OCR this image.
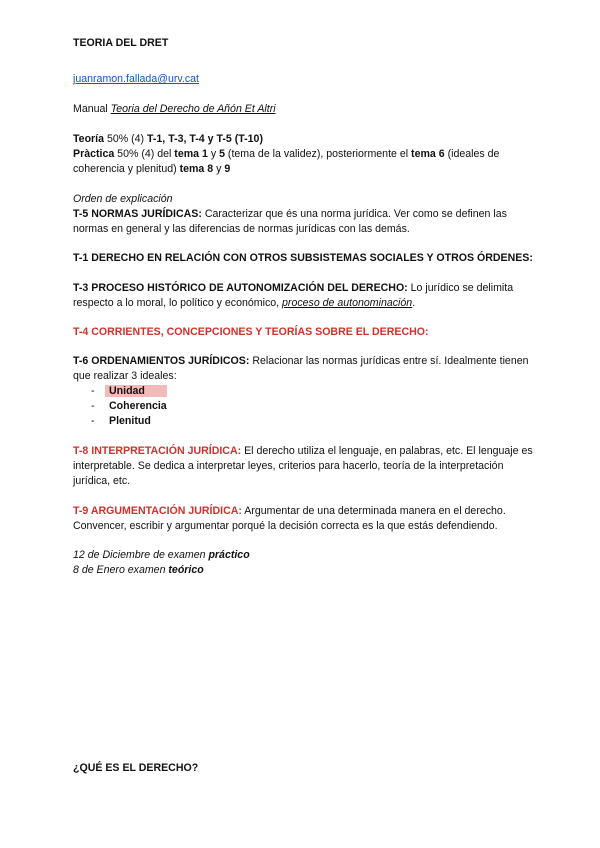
TEORIA DEL DRET

juanramon.fallada@urv.cat

Manual Teoria del Derecho de Añón Et Altri

Teoría 50% (4) T-1, T-3, T-4 y T-5 (T-10)

Pràctica 50% (4) del tema 1 y 5 (tema de la validez), posteriormente el tema 6 (ideales de coherencia y plenitud) tema 8 y 9

Orden de explicación

T-5 NORMAS JURÍDICAS: Caracterizar que és una norma jurídica. Ver como se definen las normas en general y las diferencias de normas jurídicas con las demás.

T-1 DERECHO EN RELACIÓN CON OTROS SUBSISTEMAS SOCIALES Y OTROS ÓRDENES:

T-3 PROCESO HISTÓRICO DE AUTONOMIZACIÓN DEL DERECHO: Lo jurídico se delimita respecto a lo moral, lo político y económico, proceso de autonominación.

T-4 CORRIENTES, CONCEPCIONES Y TEORÍAS SOBRE EL DERECHO:

T-6 ORDENAMIENTOS JURÍDICOS: Relacionar las normas jurídicas entre sí. Idealmente tienen que realizar 3 ideales:

- Unidad
- Coherencia
- Plenitud

T-8 INTERPRETACIÓN JURÍDICA: El derecho utiliza el lenguaje, en palabras, etc. El lenguaje es interpretable. Se dedica a interpretar leyes, criterios para hacerlo, teoría de la interpretación jurídica, etc.

T-9 ARGUMENTACIÓN JURÍDICA: Argumentar de una determinada manera en el derecho. Convencer, escribir y argumentar porqué la decisión correcta es la que estás defendiendo.

12 de Diciembre de examen práctico

8 de Enero examen teórico

¿QUÉ ES EL DERECHO?
